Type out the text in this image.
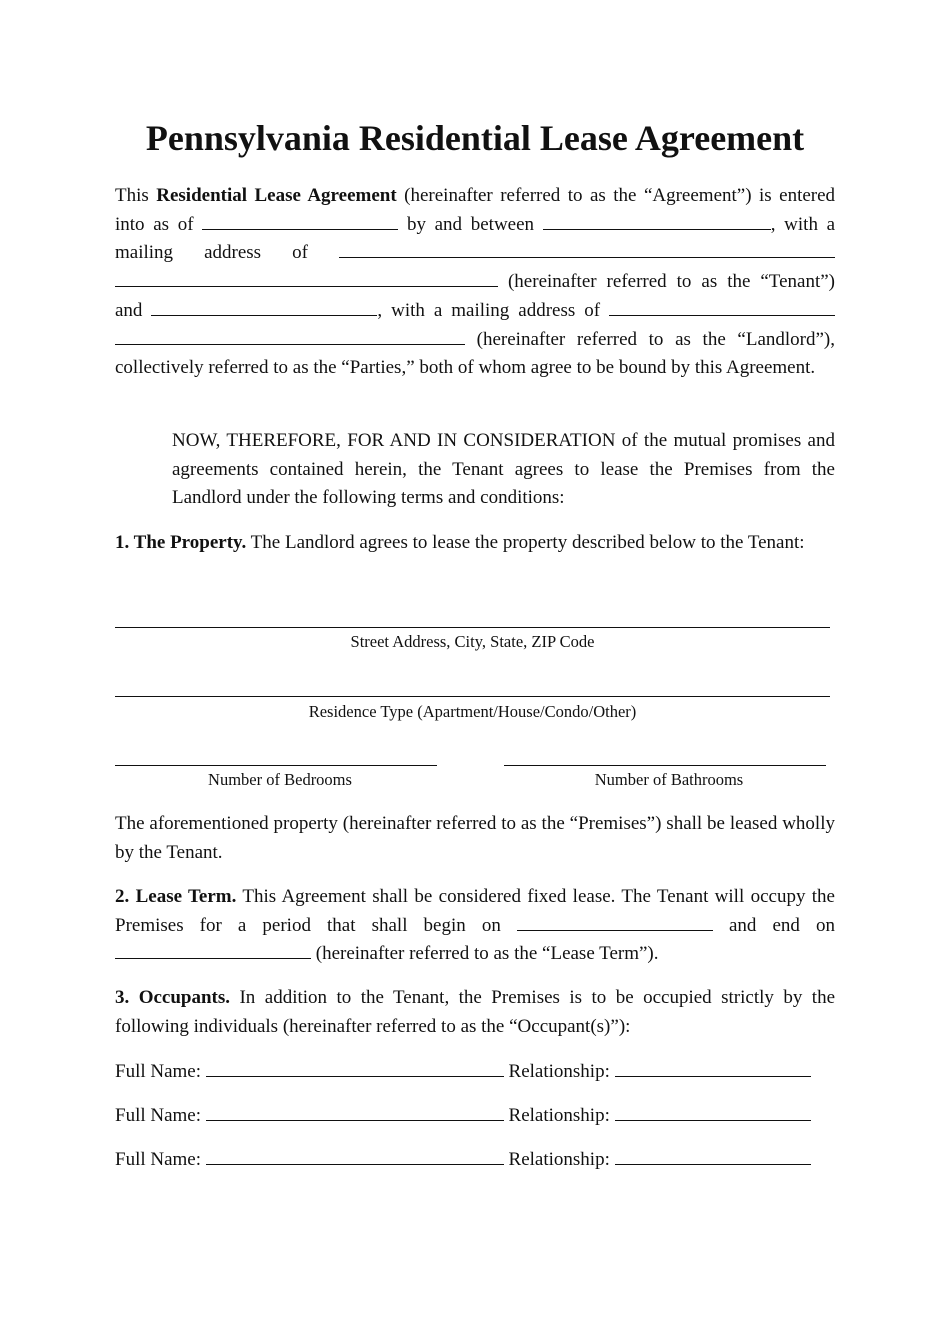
Pennsylvania Residential Lease Agreement

This Residential Lease Agreement (hereinafter referred to as the “Agreement”) is entered into as of	by and between	, with a mailing address of   (hereinafter referred to as the “Tenant”) and	, with a mailing address of   (hereinafter referred to as the “Landlord”), collectively referred to as the “Parties,” both of whom agree to be bound by this Agreement.

NOW, THEREFORE, FOR AND IN CONSIDERATION of the mutual promises and agreements contained herein, the Tenant agrees to lease the Premises from the Landlord under the following terms and conditions:

1. The Property. The Landlord agrees to lease the property described below to the Tenant:

Street Address, City, State, ZIP Code
Residence Type (Apartment/House/Condo/Other)
Number of Bedrooms	Number of Bathrooms

The aforementioned property (hereinafter referred to as the “Premises”) shall be leased wholly by the Tenant.

2. Lease Term. This Agreement shall be considered fixed lease. The Tenant will occupy the Premises for a period that shall begin on	and end on  (hereinafter referred to as the “Lease Term”).

3. Occupants. In addition to the Tenant, the Premises is to be occupied strictly by the following individuals (hereinafter referred to as the “Occupant(s)”):

Full Name:	Relationship:
Full Name:	Relationship:
Full Name:	Relationship:
